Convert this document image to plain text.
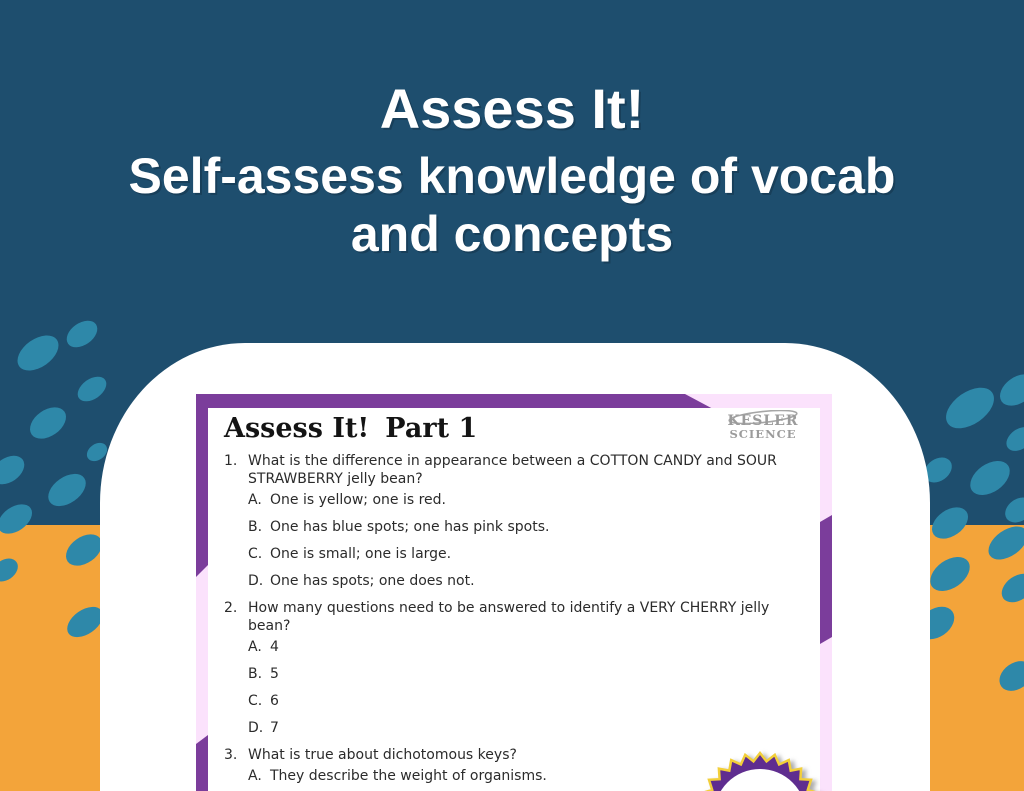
Assess It!
Self-assess knowledge of vocab and concepts
Assess It! Part 1	KESLER
SCIENCE
1. What is the difference in appearance between a COTTON CANDY and SOUR STRAWBERRY jelly bean?
A. One is yellow; one is red.
B. One has blue spots; one has pink spots.
C. One is small; one is large.
D. One has spots; one does not.
2. How many questions need to be answered to identify a VERY CHERRY jelly bean?
A. 4
B. 5
C. 6
D. 7
3. What is true about dichotomous keys?
A. They describe the weight of organisms.
